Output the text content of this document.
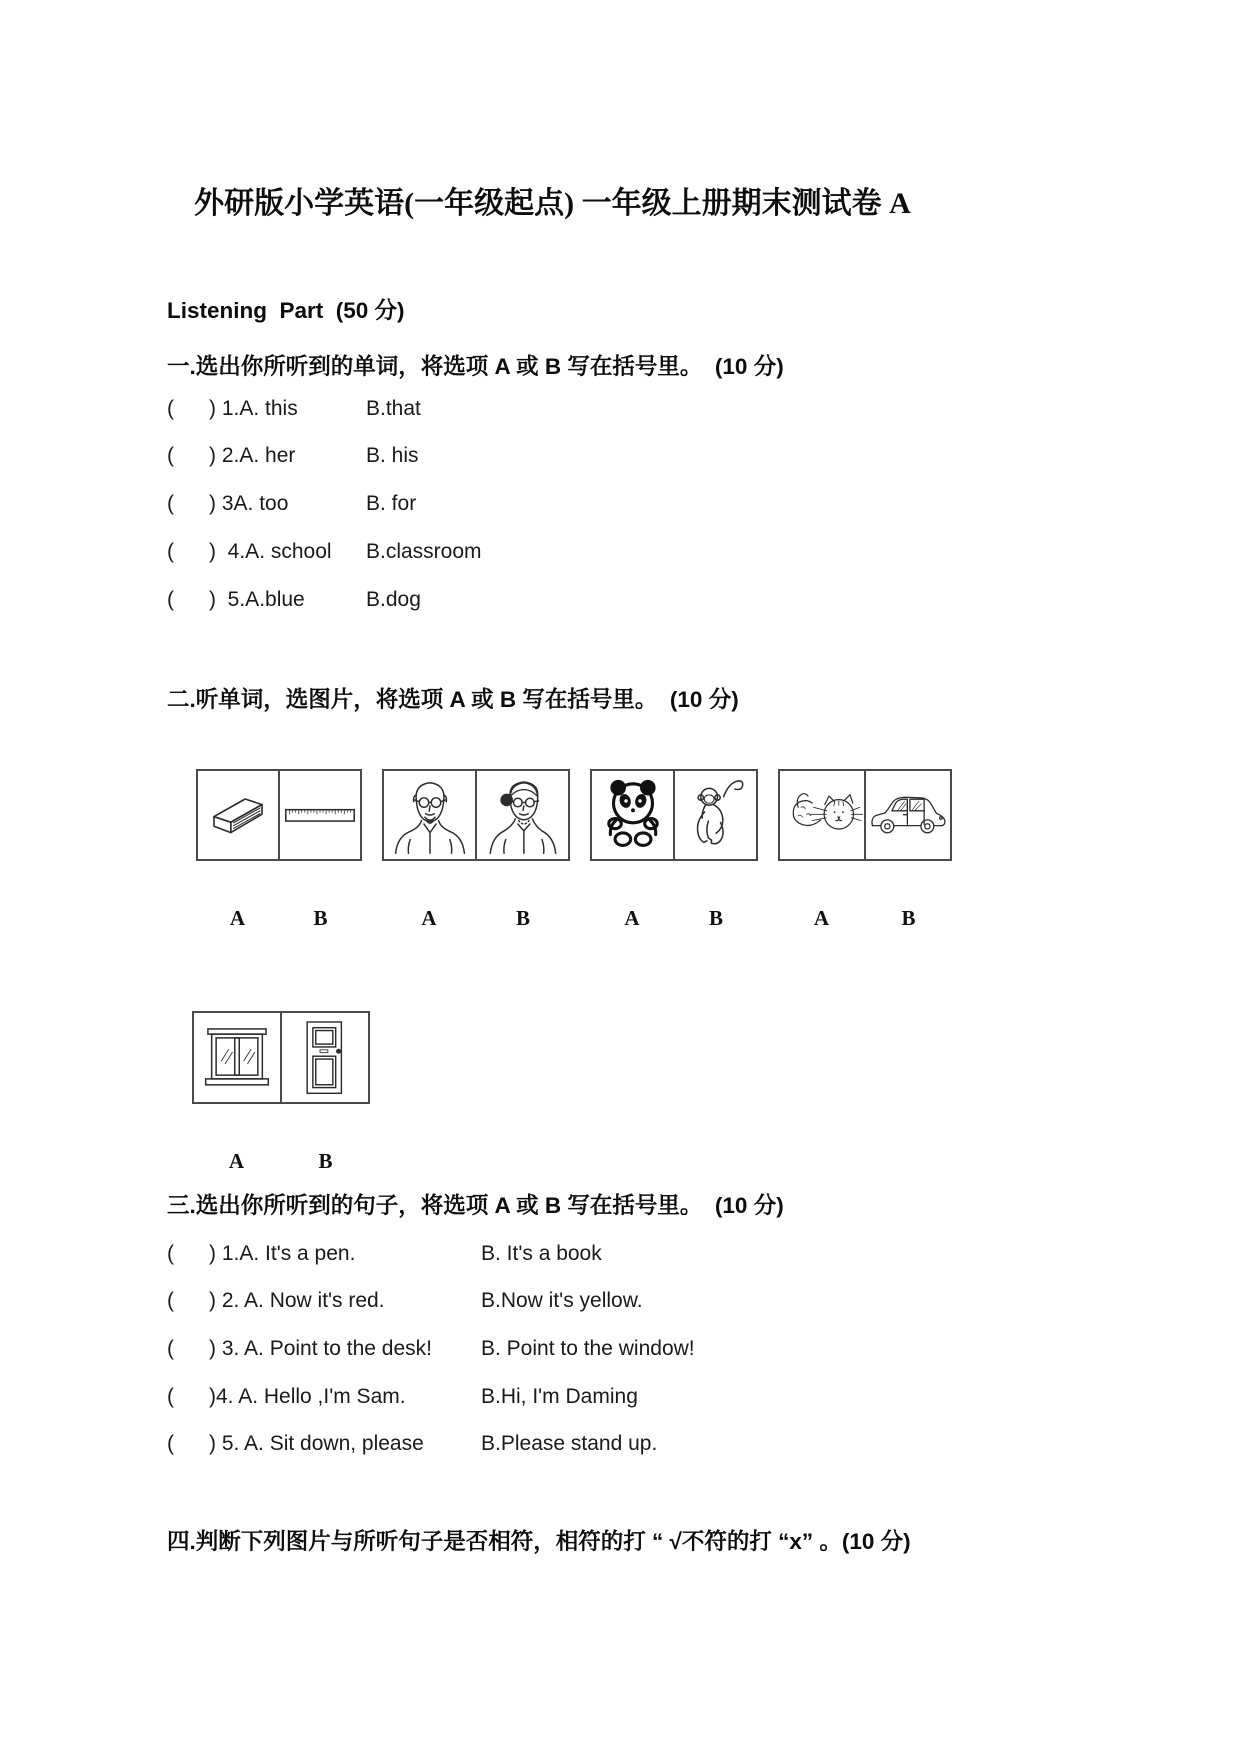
外研版小学英语(一年级起点) 一年级上册期末测试卷 A
Listening  Part  (50 分)
一.选出你所听到的单词，将选项 A 或 B 写在括号里。  (10 分)
(      ) 1.A. this	B.that
(      ) 2.A. her	B. his
(      ) 3A. too	B. for
(      )  4.A. school B.classroom
(      )  5.A.blue	B.dog
二.听单词，选图片，将选项 A 或 B 写在括号里。  (10 分)

A	B

	A	B

	A	B

	A	B

A	B

三.选出你所听到的句子，将选项 A 或 B 写在括号里。  (10 分)
(      ) 1.A. It's a pen.	B. It's a book
(      ) 2. A. Now it's red.	B.Now it's yellow.
(      ) 3. A. Point to the desk! B. Point to the window!
(      )4. A. Hello ,I'm Sam.	B.Hi, I'm Daming
(      ) 5. A. Sit down, please	B.Please stand up.
四.判断下列图片与所听句子是否相符，相符的打 “ √不符的打 “x” 。(10 分)
